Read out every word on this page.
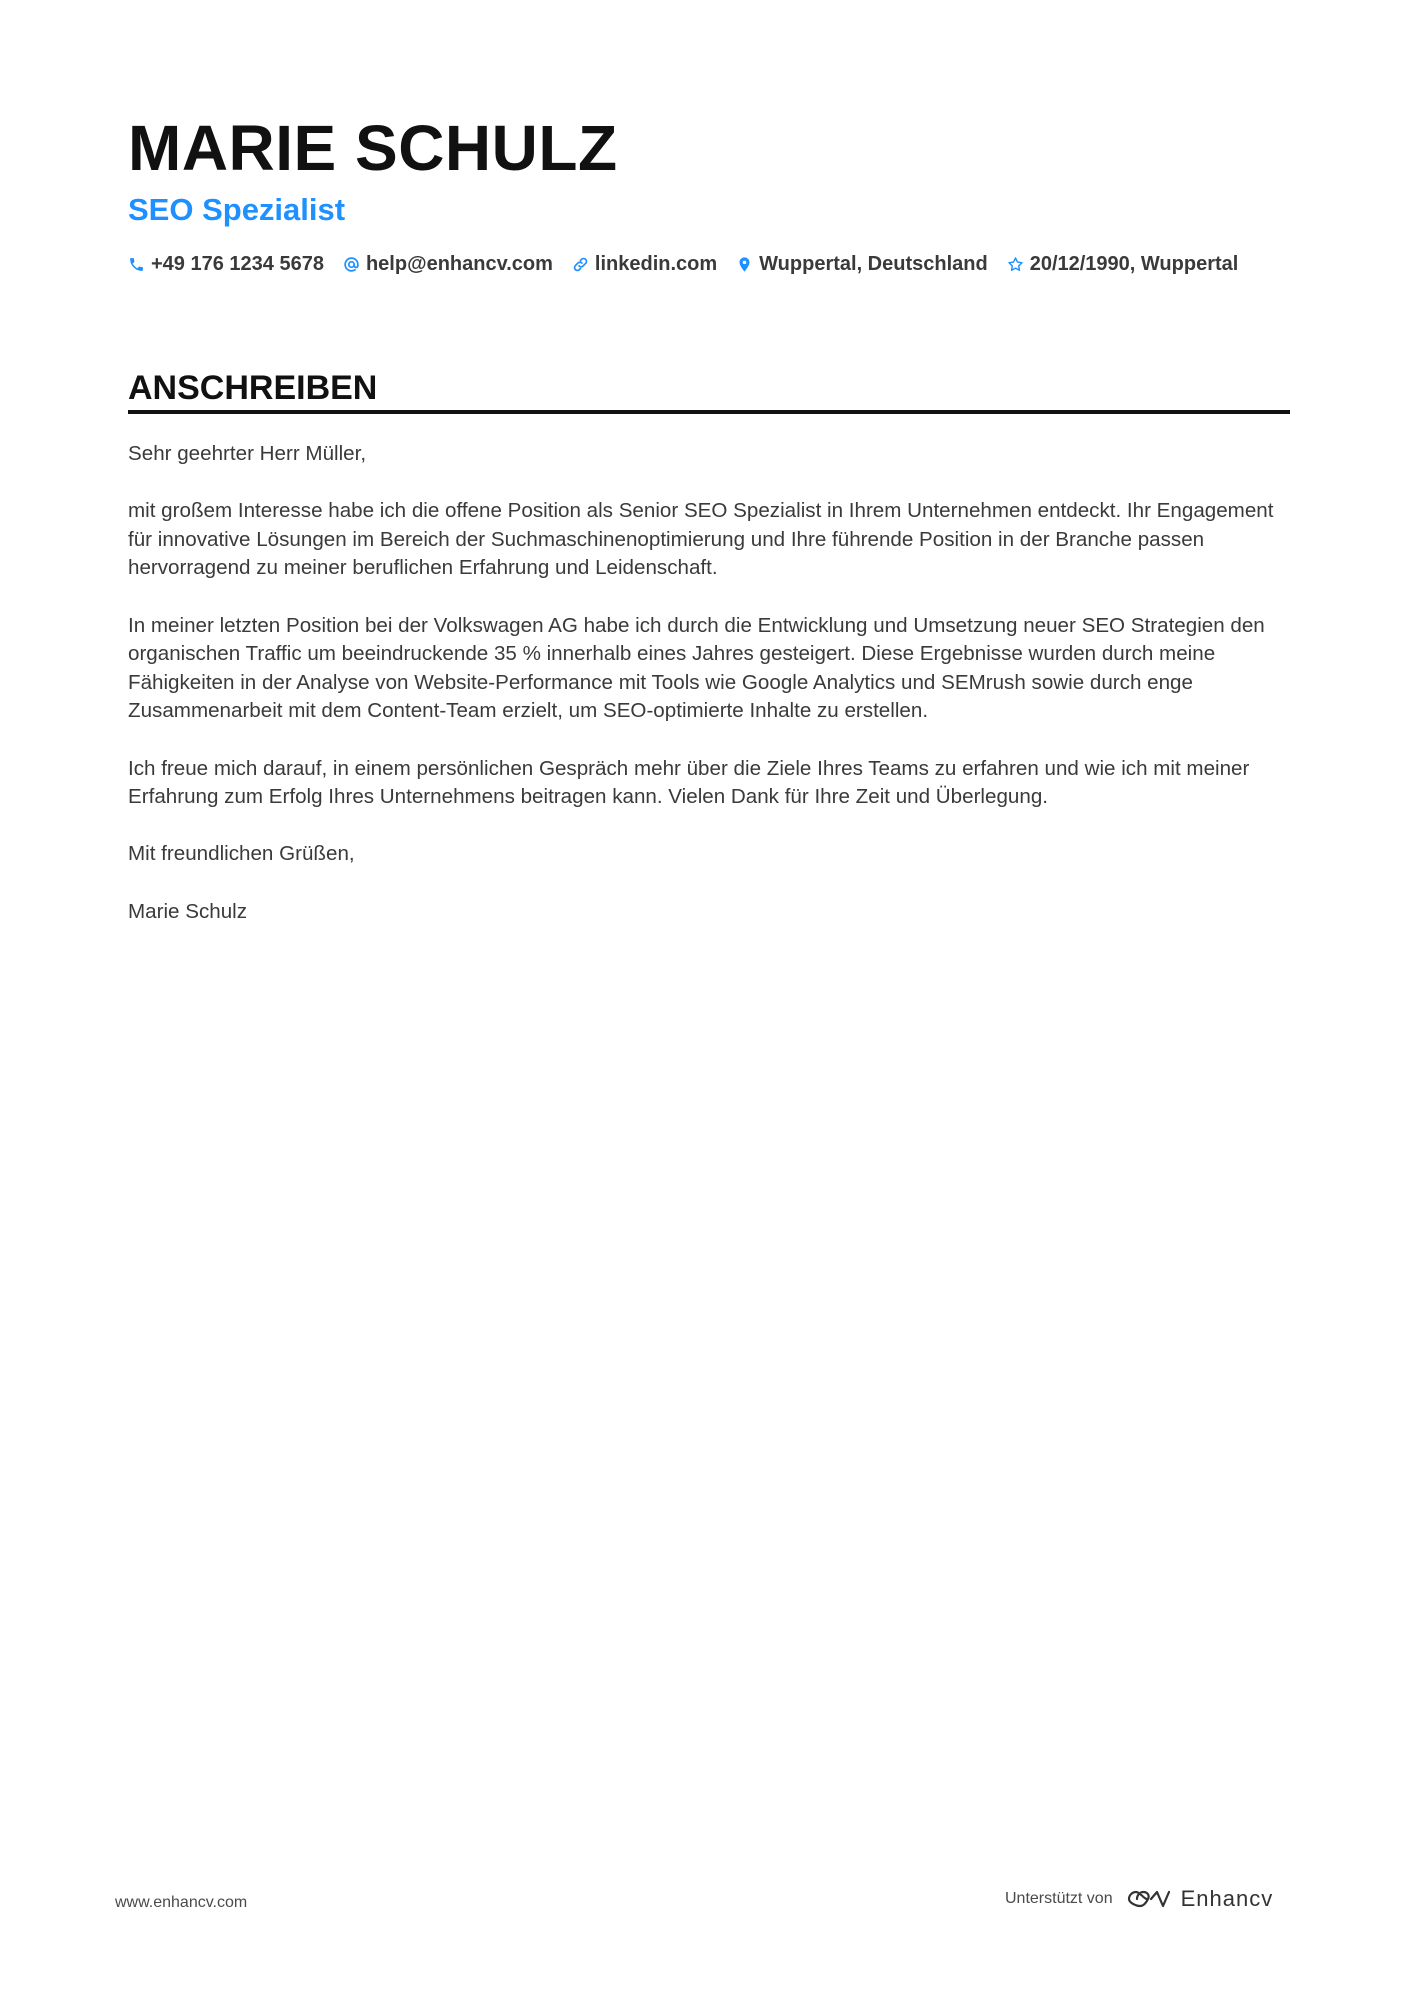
MARIE SCHULZ
SEO Spezialist
+49 176 1234 5678 help@enhancv.com linkedin.com Wuppertal, Deutschland 20/12/1990, Wuppertal
ANSCHREIBEN

Sehr geehrter Herr Müller,

mit großem Interesse habe ich die offene Position als Senior SEO Spezialist in Ihrem Unternehmen entdeckt. Ihr Engagement für innovative Lösungen im Bereich der Suchmaschinenoptimierung und Ihre führende Position in der Branche passen hervorragend zu meiner beruflichen Erfahrung und Leidenschaft.

In meiner letzten Position bei der Volkswagen AG habe ich durch die Entwicklung und Umsetzung neuer SEO Strategien den organischen Traffic um beeindruckende 35 % innerhalb eines Jahres gesteigert. Diese Ergebnisse wurden durch meine Fähigkeiten in der Analyse von Website-Performance mit Tools wie Google Analytics und SEMrush sowie durch enge Zusammenarbeit mit dem Content-Team erzielt, um SEO-optimierte Inhalte zu erstellen.

Ich freue mich darauf, in einem persönlichen Gespräch mehr über die Ziele Ihres Teams zu erfahren und wie ich mit meiner Erfahrung zum Erfolg Ihres Unternehmens beitragen kann. Vielen Dank für Ihre Zeit und Überlegung.

Mit freundlichen Grüßen,

Marie Schulz

www.enhancv.com	Unterstützt von	Enhancv
